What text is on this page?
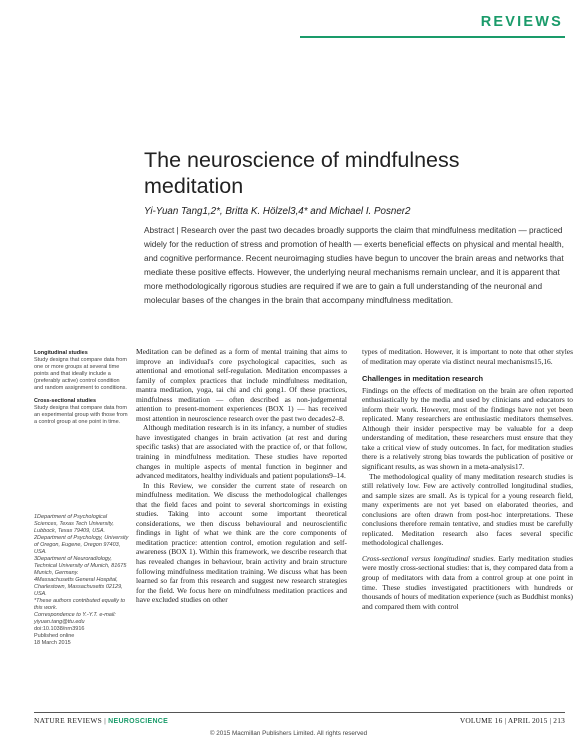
REVIEWS
The neuroscience of mindfulness meditation
Yi-Yuan Tang1,2*, Britta K. Hölzel3,4* and Michael I. Posner2
Abstract | Research over the past two decades broadly supports the claim that mindfulness meditation — practiced widely for the reduction of stress and promotion of health — exerts beneficial effects on physical and mental health, and cognitive performance. Recent neuroimaging studies have begun to uncover the brain areas and networks that mediate these positive effects. However, the underlying neural mechanisms remain unclear, and it is apparent that more methodologically rigorous studies are required if we are to gain a full understanding of the neuronal and molecular bases of the changes in the brain that accompany mindfulness meditation.
Longitudinal studies
Study designs that compare data from one or more groups at several time points and that ideally include a (preferably active) control condition and random assignment to conditions.
Cross-sectional studies
Study designs that compare data from an experimental group with those from a control group at one point in time.
1Department of Psychological Sciences, Texas Tech University, Lubbock, Texas 79409, USA.
2Department of Psychology, University of Oregon, Eugene, Oregon 97403, USA.
3Department of Neuroradiology, Technical University of Munich, 81675 Munich, Germany.
4Massachusetts General Hospital, Charlestown, Massachusetts 02129, USA.
*These authors contributed equally to this work.
Correspondence to Y.-Y.T. e-mail: yiyuan.tang@ttu.edu
doi:10.1038/nrn3916
Published online
18 March 2015

Meditation can be defined as a form of mental training that aims to improve an individual's core psychological capacities, such as attentional and emotional self-regulation. Meditation encompasses a family of complex practices that include mindfulness meditation, mantra meditation, yoga, tai chi and chi gong1. Of these practices, mindfulness meditation — often described as non-judgemental attention to present-moment experiences (BOX 1) — has received most attention in neuroscience research over the past two decades2–8.

Although meditation research is in its infancy, a number of studies have investigated changes in brain activation (at rest and during specific tasks) that are associated with the practice of, or that follow, training in mindfulness meditation. These studies have reported changes in multiple aspects of mental function in beginner and advanced meditators, healthy individuals and patient populations9–14.

In this Review, we consider the current state of research on mindfulness meditation. We discuss the methodological challenges that the field faces and point to several shortcomings in existing studies. Taking into account some important theoretical considerations, we then discuss behavioural and neuroscientific findings in light of what we think are the core components of meditation practice: attention control, emotion regulation and self-awareness (BOX 1). Within this framework, we describe research that has revealed changes in behaviour, brain activity and brain structure following mindfulness meditation training. We discuss what has been learned so far from this research and suggest new research strategies for the field. We focus here on mindfulness meditation practices and have excluded studies on other

types of meditation. However, it is important to note that other styles of meditation may operate via distinct neural mechanisms15,16.

Challenges in meditation research

Findings on the effects of meditation on the brain are often reported enthusiastically by the media and used by clinicians and educators to inform their work. However, most of the findings have not yet been replicated. Many researchers are enthusiastic meditators themselves. Although their insider perspective may be valuable for a deep understanding of meditation, these researchers must ensure that they take a critical view of study outcomes. In fact, for meditation studies there is a relatively strong bias towards the publication of positive or significant results, as was shown in a meta-analysis17.

The methodological quality of many meditation research studies is still relatively low. Few are actively controlled longitudinal studies, and sample sizes are small. As is typical for a young research field, many experiments are not yet based on elaborated theories, and conclusions are often drawn from post-hoc interpretations. These conclusions therefore remain tentative, and studies must be carefully replicated. Meditation research also faces several specific methodological challenges.

Cross-sectional versus longitudinal studies. Early meditation studies were mostly cross-sectional studies: that is, they compared data from a group of meditators with data from a control group at one point in time. These studies investigated practitioners with hundreds or thousands of hours of meditation experience (such as Buddhist monks) and compared them with control

NATURE REVIEWS | NEUROSCIENCE	VOLUME 16 | APRIL 2015 | 213
© 2015 Macmillan Publishers Limited. All rights reserved
